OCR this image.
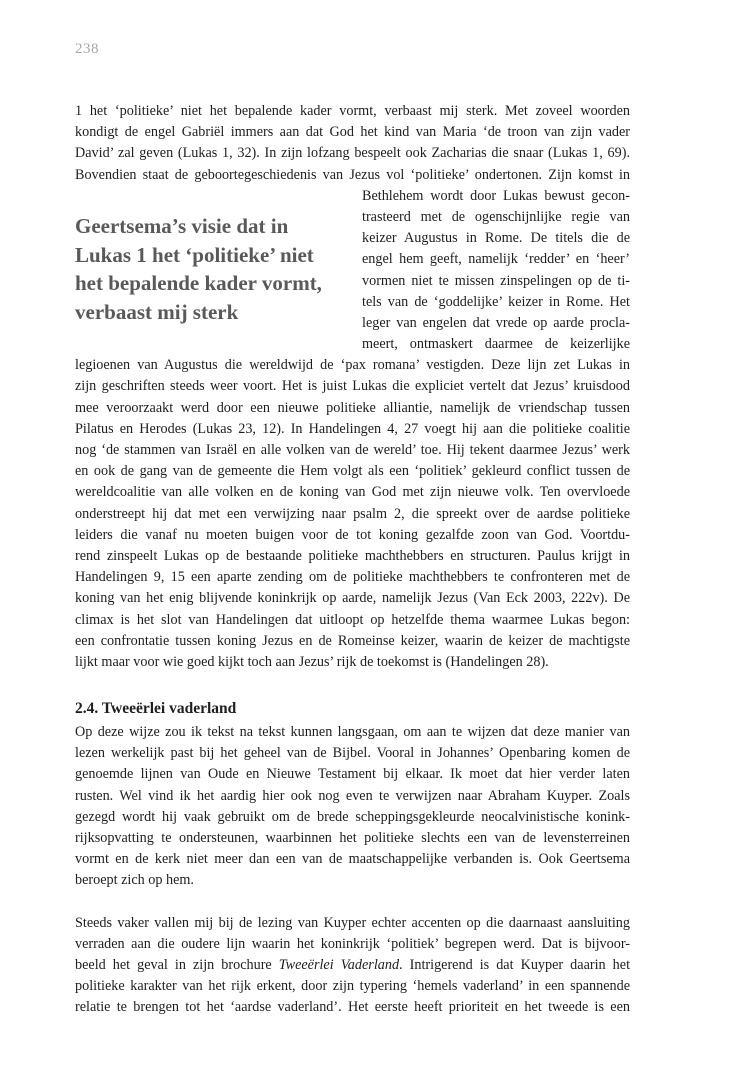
238
Geertsema’s visie dat in
Lukas 1 het ‘politieke’ niet
het bepalende kader vormt,
verbaast mij sterk
1 het ‘politieke’ niet het bepalende kader vormt, verbaast mij sterk. Met zoveel woorden
kondigt de engel Gabriël immers aan dat God het kind van Maria ‘de troon van zijn vader
David’ zal geven (Lukas 1, 32). In zijn lofzang bespeelt ook Zacharias die snaar (Lukas 1, 69).
Bovendien staat de geboortegeschiedenis van Jezus vol ‘politieke’ ondertonen. Zijn komst in
Bethlehem wordt door Lukas bewust gecon-
trasteerd met de ogenschijnlijke regie van
keizer Augustus in Rome. De titels die de
engel hem geeft, namelijk ‘redder’ en ‘heer’
vormen niet te missen zinspelingen op de ti-
tels van de ‘goddelijke’ keizer in Rome. Het
leger van engelen dat vrede op aarde procla-
meert, ontmaskert daarmee de keizerlijke
legioenen van Augustus die wereldwijd de ‘pax romana’ vestigden. Deze lijn zet Lukas in
zijn geschriften steeds weer voort. Het is juist Lukas die expliciet vertelt dat Jezus’ kruisdood
mee veroorzaakt werd door een nieuwe politieke alliantie, namelijk de vriendschap tussen
Pilatus en Herodes (Lukas 23, 12). In Handelingen 4, 27 voegt hij aan die politieke coalitie
nog ‘de stammen van Israël en alle volken van de wereld’ toe. Hij tekent daarmee Jezus’ werk
en ook de gang van de gemeente die Hem volgt als een ‘politiek’ gekleurd conflict tussen de
wereldcoalitie van alle volken en de koning van God met zijn nieuwe volk. Ten overvloede
onderstreept hij dat met een verwijzing naar psalm 2, die spreekt over de aardse politieke
leiders die vanaf nu moeten buigen voor de tot koning gezalfde zoon van God. Voortdu-
rend zinspeelt Lukas op de bestaande politieke machthebbers en structuren. Paulus krijgt in
Handelingen 9, 15 een aparte zending om de politieke machthebbers te confronteren met de
koning van het enig blijvende koninkrijk op aarde, namelijk Jezus (Van Eck 2003, 222v). De
climax is het slot van Handelingen dat uitloopt op hetzelfde thema waarmee Lukas begon:
een confrontatie tussen koning Jezus en de Romeinse keizer, waarin de keizer de machtigste
lijkt maar voor wie goed kijkt toch aan Jezus’ rijk de toekomst is (Handelingen 28).
2.4. Tweeërlei vaderland
Op deze wijze zou ik tekst na tekst kunnen langsgaan, om aan te wijzen dat deze manier van
lezen werkelijk past bij het geheel van de Bijbel. Vooral in Johannes’ Openbaring komen de
genoemde lijnen van Oude en Nieuwe Testament bij elkaar. Ik moet dat hier verder laten
rusten. Wel vind ik het aardig hier ook nog even te verwijzen naar Abraham Kuyper. Zoals
gezegd wordt hij vaak gebruikt om de brede scheppingsgekleurde neocalvinistische konink-
rijksopvatting te ondersteunen, waarbinnen het politieke slechts een van de levensterreinen
vormt en de kerk niet meer dan een van de maatschappelijke verbanden is. Ook Geertsema
beroept zich op hem.
Steeds vaker vallen mij bij de lezing van Kuyper echter accenten op die daarnaast aansluiting
verraden aan die oudere lijn waarin het koninkrijk ‘politiek’ begrepen werd. Dat is bijvoor-
beeld het geval in zijn brochure Tweeërlei Vaderland. Intrigerend is dat Kuyper daarin het
politieke karakter van het rijk erkent, door zijn typering ‘hemels vaderland’ in een spannende
relatie te brengen tot het ‘aardse vaderland’. Het eerste heeft prioriteit en het tweede is een
